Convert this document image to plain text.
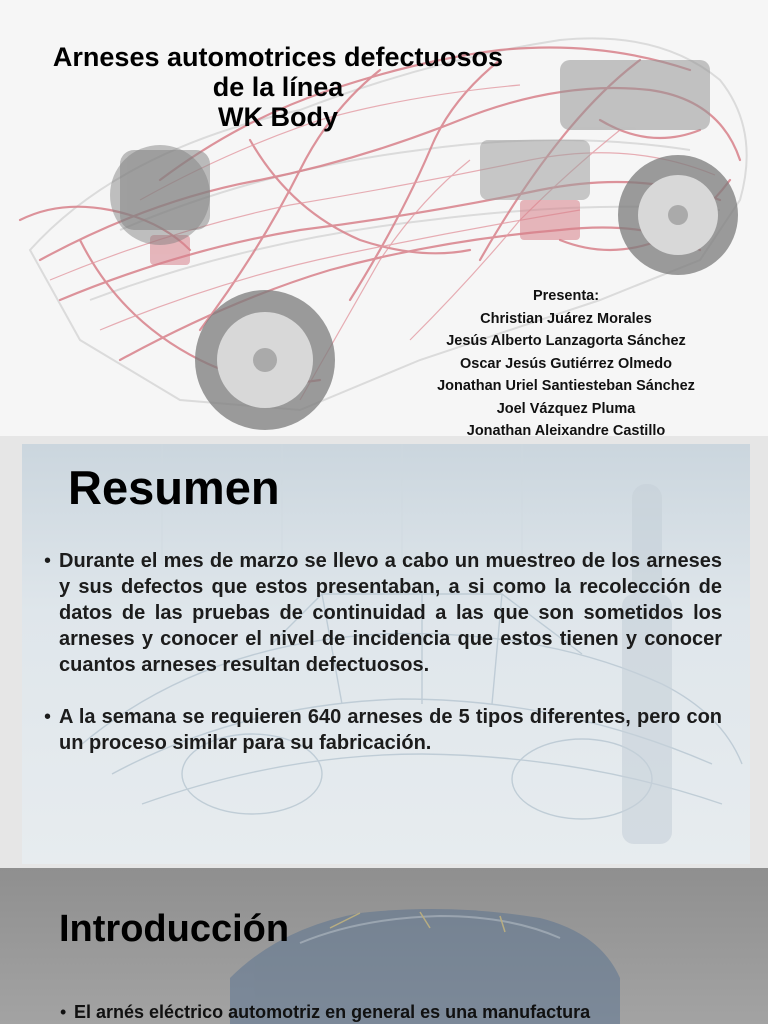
Arneses automotrices defectuosos
de la línea
WK Body
Presenta:
Christian Juárez Morales
Jesús Alberto Lanzagorta Sánchez
Oscar Jesús Gutiérrez Olmedo
Jonathan Uriel Santiesteban Sánchez
Joel Vázquez Pluma
Jonathan Aleixandre Castillo
Resumen
• Durante el mes de marzo se llevo a cabo un muestreo de los arneses y sus defectos que estos presentaban, a si como la recolección de datos de las pruebas de continuidad a las que son sometidos los arneses y conocer el nivel de incidencia que estos tienen y conocer cuantos arneses resultan defectuosos.
• A la semana se requieren 640 arneses de 5 tipos diferentes, pero con un proceso similar para su fabricación.
Introducción
• El arnés eléctrico automotriz en general es una manufactura
